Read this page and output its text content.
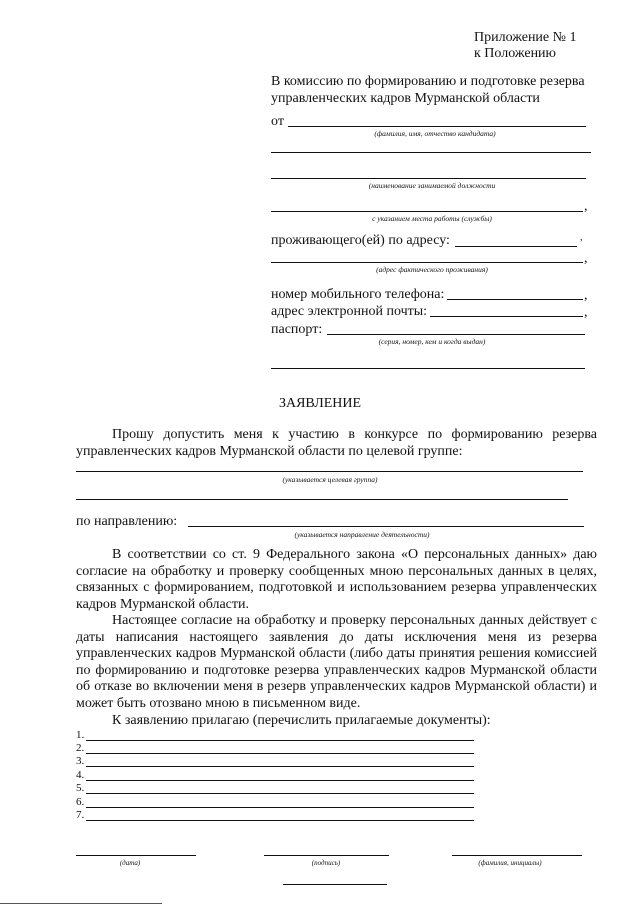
Приложение № 1
к Положению
В комиссию по формированию и подготовке резерва
управленческих кадров Мурманской области
от
(фамилия, имя, отчество кандидата)
(наименование занимаемой должности
,
с указанием места работы (службы)
проживающего(ей) по адресу:	,
,
(адрес фактического проживания)
номер мобильного телефона:	,
адрес электронной почты:	,
паспорт:
(серия, номер, кем и когда выдан)
ЗАЯВЛЕНИЕ
Прошу допустить меня к участию в конкурсе по формированию резерва управленческих кадров Мурманской области по целевой группе:
(указывается целевая группа)
по направлению:
(указывается направление деятельности)
В соответствии со ст. 9 Федерального закона «О персональных данных» даю согласие на обработку и проверку сообщенных мною персональных данных в целях, связанных с формированием, подготовкой и использованием резерва управленческих кадров Мурманской области.
Настоящее согласие на обработку и проверку персональных данных действует с даты написания настоящего заявления до даты исключения меня из резерва управленческих кадров Мурманской области (либо даты принятия решения комиссией по формированию и подготовке резерва управленческих кадров Мурманской области об отказе во включении меня в резерв управленческих кадров Мурманской области) и может быть отозвано мною в письменном виде.
К заявлению прилагаю (перечислить прилагаемые документы):
1.
2.
3.
4.
5.
6.
7.
(дата)	(подпись)	(фамилия, инициалы)
